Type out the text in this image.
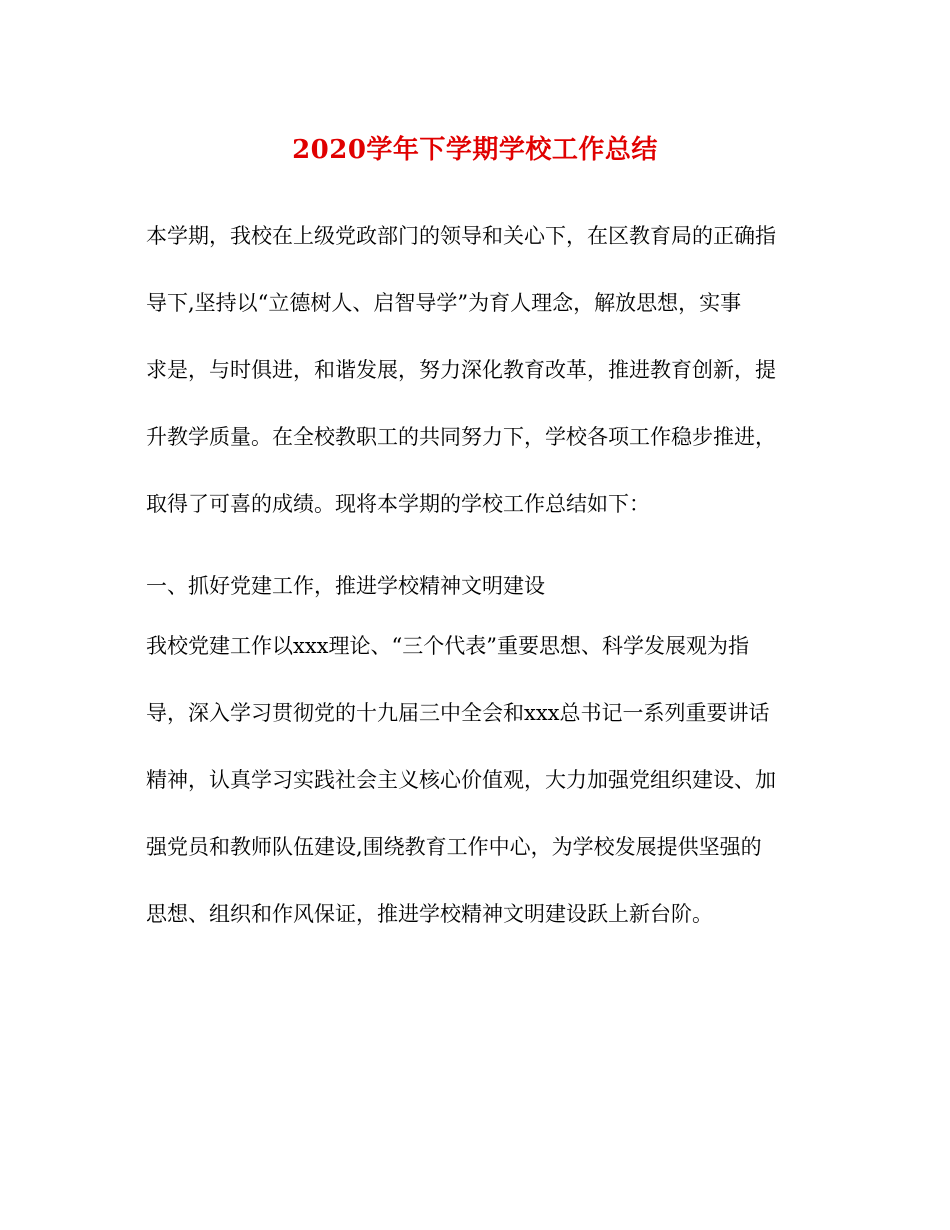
2020学年下学期学校工作总结
本学期，我校在上级党政部门的领导和关心下，在区教育局的正确指
导下,坚持以“立德树人、启智导学”为育人理念，解放思想，实事
求是，与时俱进，和谐发展，努力深化教育改革，推进教育创新，提
升教学质量。在全校教职工的共同努力下，学校各项工作稳步推进，
取得了可喜的成绩。现将本学期的学校工作总结如下：
一、抓好党建工作，推进学校精神文明建设
我校党建工作以xxx理论、“三个代表”重要思想、科学发展观为指
导，深入学习贯彻党的十九届三中全会和xxx总书记一系列重要讲话
精神，认真学习实践社会主义核心价值观，大力加强党组织建设、加
强党员和教师队伍建设,围绕教育工作中心，为学校发展提供坚强的
思想、组织和作风保证，推进学校精神文明建设跃上新台阶。
